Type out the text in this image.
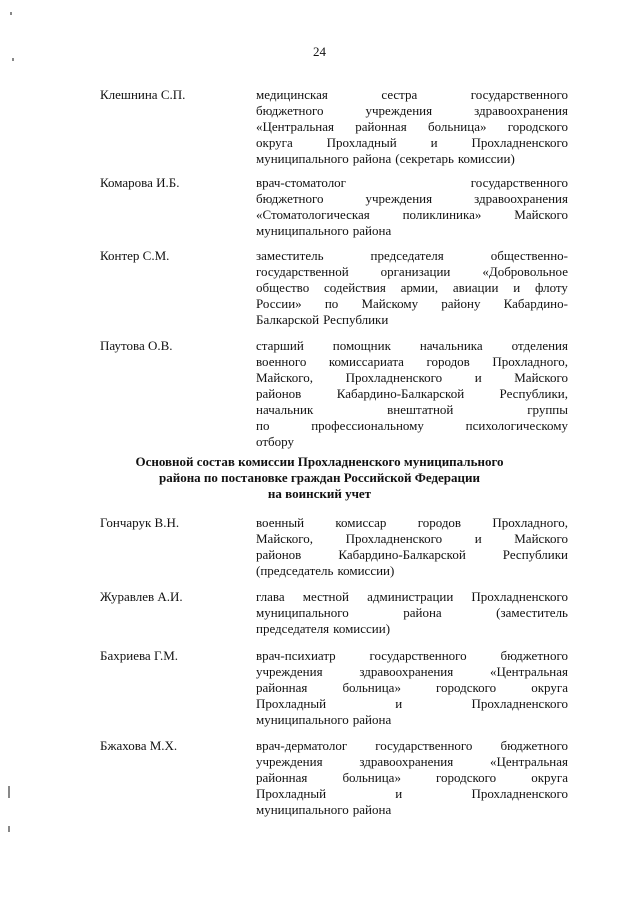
24
Клешнина С.П.	медицинская	сестра	государственного
бюджетного	учреждения	здравоохранения
«Центральная районная больница» городского
округа	Прохладный	и	Прохладненского
муниципального района (секретарь комиссии)
Комарова И.Б.	врач-стоматолог	государственного
бюджетного	учреждения	здравоохранения
«Стоматологическая	поликлиника»	Майского
муниципального района
Контер С.М.	заместитель	председателя	общественно-
государственной организации «Добровольное
общество содействия армии, авиации и флоту
России» по Майскому району Кабардино-
Балкарской Республики
Паутова О.В.	старший помощник начальника отделения
военного комиссариата городов Прохладного,
Майского,	Прохладненского	и	Майского
районов	Кабардино-Балкарской	Республики,
начальник	внештатной	группы
по	профессиональному	психологическому
отбору
Основной состав комиссии Прохладненского муниципального
района по постановке граждан Российской Федерации
на воинский учет
Гончарук В.Н.	военный комиссар городов Прохладного,
Майского,	Прохладненского	и	Майского
районов	Кабардино-Балкарской	Республики
(председатель комиссии)
Журавлев А.И.	глава местной администрации Прохладненского
муниципального	района	(заместитель
председателя комиссии)
Бахриева Г.М.	врач-психиатр	государственного	бюджетного
учреждения	здравоохранения	«Центральная
районная	больница»	городского	округа
Прохладный	и	Прохладненского
муниципального района
Бжахова М.Х.	врач-дерматолог государственного бюджетного
учреждения	здравоохранения	«Центральная
районная	больница»	городского	округа
Прохладный	и	Прохладненского
муниципального района
